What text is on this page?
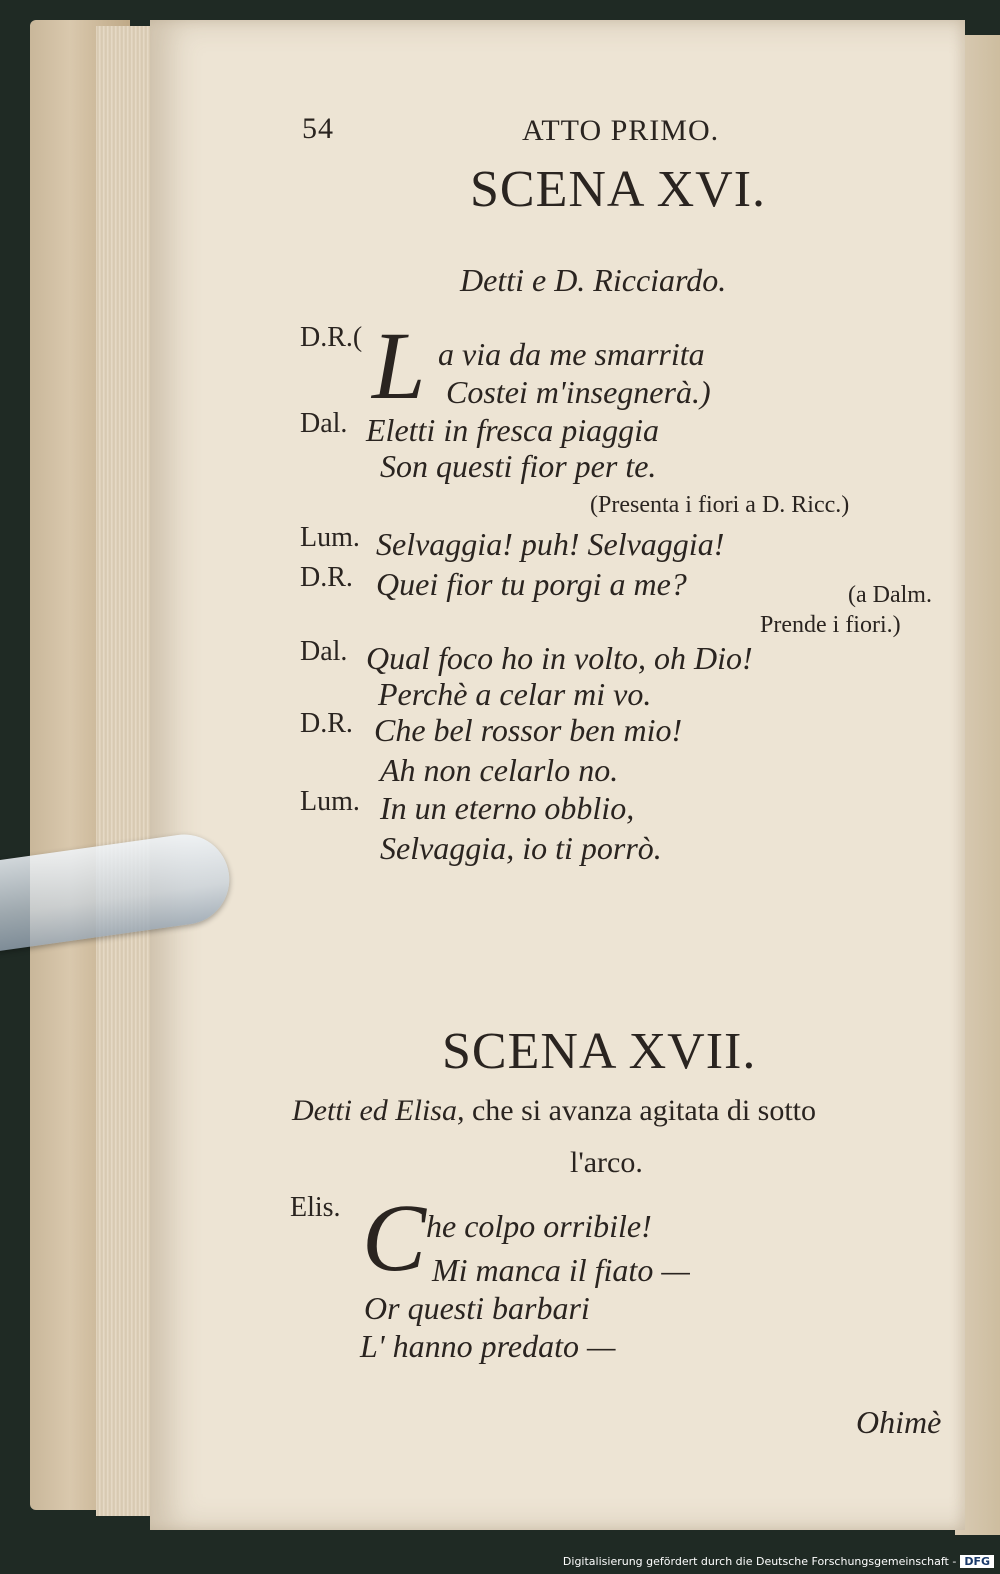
54	ATTO PRIMO.
SCENA XVI.
Detti e D. Ricciardo.
D.R.( L a via da me smarrita
Costei m'insegnerà.)
Dal. Eletti in fresca piaggia
Son questi fior per te.
(Presenta i fiori a D. Ricc.)
Lum. Selvaggia! puh! Selvaggia!
D.R. Quei fior tu porgi a me?	(a Dalm.
Prende i fiori.)
Dal. Qual foco ho in volto, oh Dio!
Perchè a celar mi vo.
D.R. Che bel rossor ben mio!
Ah non celarlo no.
Lum. In un eterno obblio,
Selvaggia, io ti porrò.
SCENA XVII.
Detti ed Elisa, che si avanza agitata di sotto
l'arco.
Elis. C he colpo orribile!
Mi manca il fiato —
Or questi barbari
L' hanno predato —
Ohimè
Digitalisierung gefördert durch die Deutsche Forschungsgemeinschaft - DFG
